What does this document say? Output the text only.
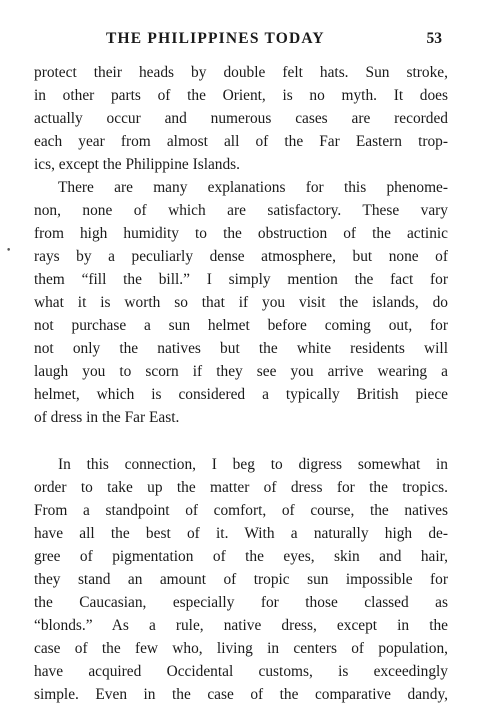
THE PHILIPPINES TODAY	53
•
protect their heads by double felt hats. Sun stroke,
in other parts of the Orient, is no myth. It does
actually occur and numerous cases are recorded
each year from almost all of the Far Eastern trop-
ics, except the Philippine Islands.
There are many explanations for this phenome-
non, none of which are satisfactory. These vary
from high humidity to the obstruction of the actinic
rays by a peculiarly dense atmosphere, but none of
them “fill the bill.” I simply mention the fact for
what it is worth so that if you visit the islands, do
not purchase a sun helmet before coming out, for
not only the natives but the white residents will
laugh you to scorn if they see you arrive wearing a
helmet, which is considered a typically British piece
of dress in the Far East.
In this connection, I beg to digress somewhat in
order to take up the matter of dress for the tropics.
From a standpoint of comfort, of course, the natives
have all the best of it. With a naturally high de-
gree of pigmentation of the eyes, skin and hair,
they stand an amount of tropic sun impossible for
the Caucasian, especially for those classed as
“blonds.” As a rule, native dress, except in the
case of the few who, living in centers of population,
have acquired Occidental customs, is exceedingly
simple. Even in the case of the comparative dandy,
